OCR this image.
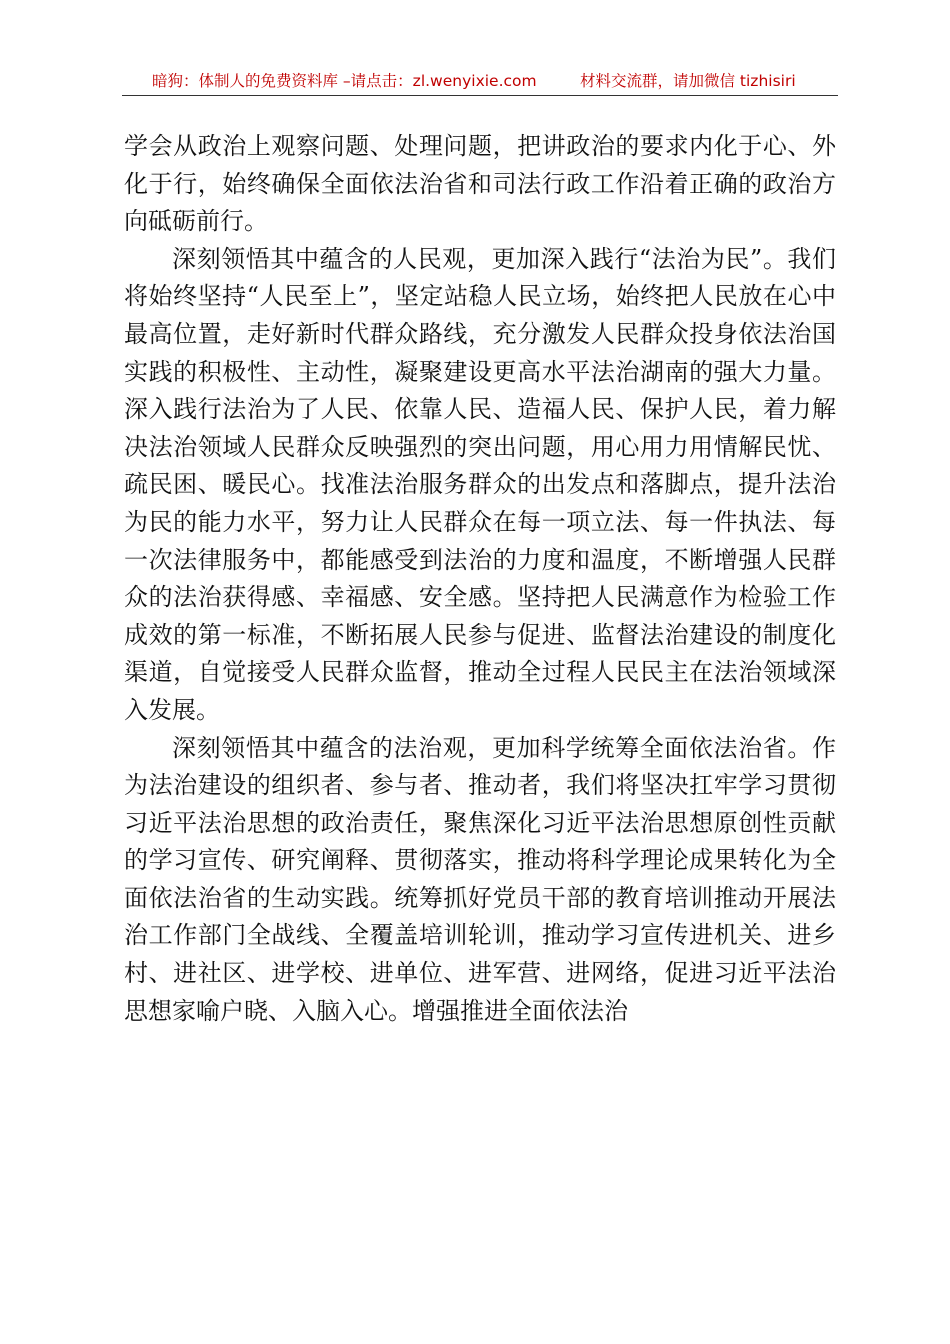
暗狗：体制人的免费资料库 –请点击：zl.wenyixie.com	材料交流群，请加微信 tizhisiri

学会从政治上观察问题、处理问题，把讲政治的要求内化于心、外化于行，始终确保全面依法治省和司法行政工作沿着正确的政治方向砥砺前行。

深刻领悟其中蕴含的人民观，更加深入践行“法治为民”。我们将始终坚持“人民至上”，坚定站稳人民立场，始终把人民放在心中最高位置，走好新时代群众路线，充分激发人民群众投身依法治国实践的积极性、主动性，凝聚建设更高水平法治湖南的强大力量。深入践行法治为了人民、依靠人民、造福人民、保护人民，着力解决法治领域人民群众反映强烈的突出问题，用心用力用情解民忧、疏民困、暖民心。找准法治服务群众的出发点和落脚点，提升法治为民的能力水平，努力让人民群众在每一项立法、每一件执法、每一次法律服务中，都能感受到法治的力度和温度，不断增强人民群众的法治获得感、幸福感、安全感。坚持把人民满意作为检验工作成效的第一标准，不断拓展人民参与促进、监督法治建设的制度化渠道，自觉接受人民群众监督，推动全过程人民民主在法治领域深入发展。

深刻领悟其中蕴含的法治观，更加科学统筹全面依法治省。作为法治建设的组织者、参与者、推动者，我们将坚决扛牢学习贯彻习近平法治思想的政治责任，聚焦深化习近平法治思想原创性贡献的学习宣传、研究阐释、贯彻落实，推动将科学理论成果转化为全面依法治省的生动实践。统筹抓好党员干部的教育培训推动开展法治工作部门全战线、全覆盖培训轮训，推动学习宣传进机关、进乡村、进社区、进学校、进单位、进军营、进网络，促进习近平法治思想家喻户晓、入脑入心。增强推进全面依法治
